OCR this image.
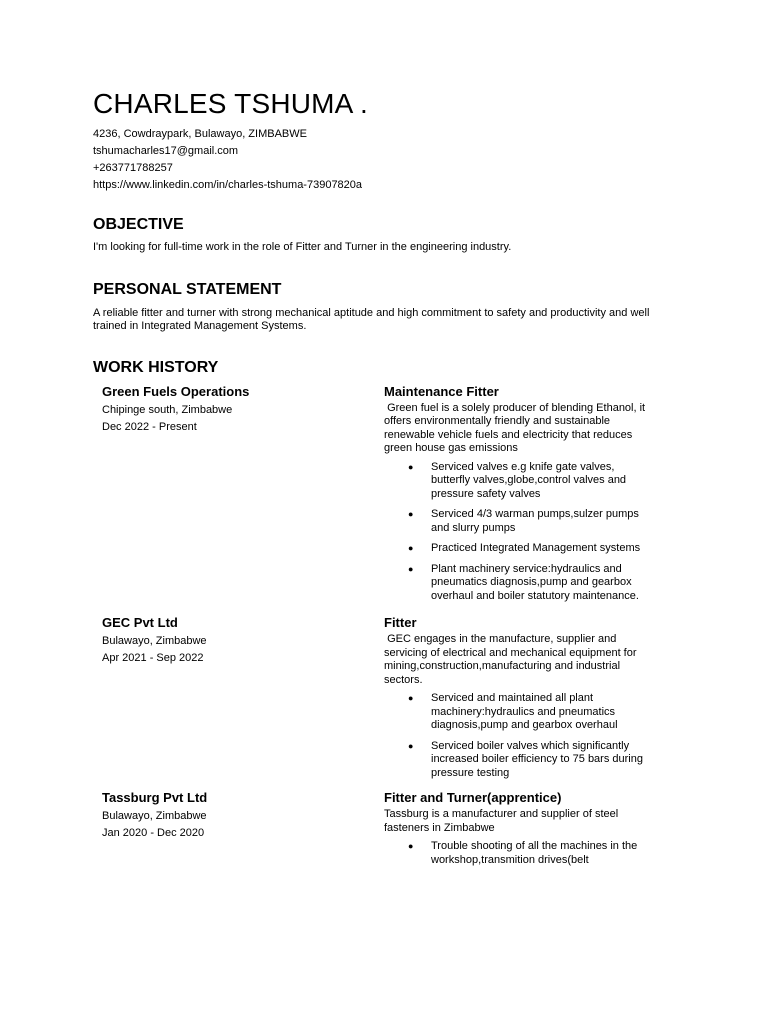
CHARLES TSHUMA .
4236, Cowdraypark, Bulawayo, ZIMBABWE
tshumacharles17@gmail.com
+263771788257
https://www.linkedin.com/in/charles-tshuma-73907820a
OBJECTIVE
I'm looking for full-time work in the role of Fitter and Turner in the engineering industry.
PERSONAL STATEMENT
A reliable fitter and turner with strong mechanical aptitude and high commitment to safety and productivity and well trained in Integrated Management Systems.
WORK HISTORY
Green Fuels Operations
Chipinge south, Zimbabwe
Dec 2022 - Present
Maintenance Fitter
Green fuel is a solely producer of blending Ethanol, it offers environmentally friendly and sustainable renewable vehicle fuels and electricity that reduces green house gas emissions
● Serviced valves e.g knife gate valves, butterfly valves,globe,control valves and pressure safety valves
● Serviced 4/3 warman pumps,sulzer pumps and slurry pumps
● Practiced Integrated Management systems
● Plant machinery service:hydraulics and pneumatics diagnosis,pump and gearbox overhaul and boiler statutory maintenance.
GEC Pvt Ltd
Bulawayo, Zimbabwe
Apr 2021 - Sep 2022
Fitter
GEC engages in the manufacture, supplier and servicing of electrical and mechanical equipment for mining,construction,manufacturing and industrial sectors.
● Serviced and maintained all plant machinery:hydraulics and pneumatics diagnosis,pump and gearbox overhaul
● Serviced boiler valves which significantly increased boiler efficiency to 75 bars during pressure testing
Tassburg Pvt Ltd
Bulawayo, Zimbabwe
Jan 2020 - Dec 2020
Fitter and Turner(apprentice)
Tassburg is a manufacturer and supplier of steel fasteners in Zimbabwe
● Trouble shooting of all the machines in the workshop,transmition drives(belt
